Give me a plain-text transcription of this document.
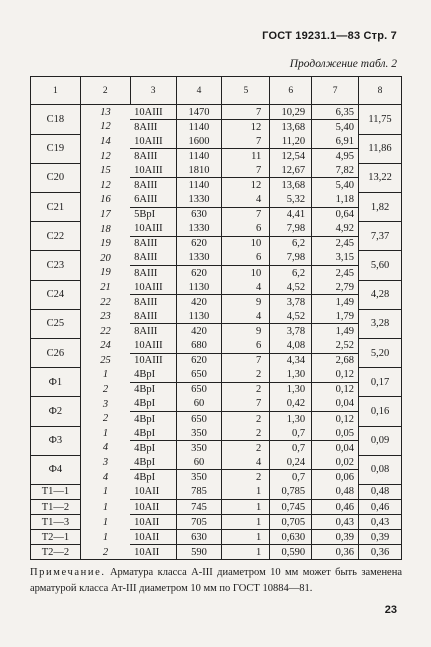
ГОСТ 19231.1—83 Стр. 7
Продолжение табл. 2
1	2	3	4	5	6	7	8
С18	13	10AIII	1470	7	10,29	6,35	11,75
	12	8AIII	1140	12	13,68	5,40	
С19	14	10AIII	1600	7	11,20	6,91	11,86
	12	8AIII	1140	11	12,54	4,95	
С20	15	10AIII	1810	7	12,67	7,82	13,22
	12	8AIII	1140	12	13,68	5,40	
С21	16	6AIII	1330	4	5,32	1,18	1,82
	17	5BрI	630	7	4,41	0,64	
С22	18	10AIII	1330	6	7,98	4,92	7,37
	19	8AIII	620	10	6,2	2,45	
С23	20	8AIII	1330	6	7,98	3,15	5,60
	19	8AIII	620	10	6,2	2,45	
С24	21	10AIII	1130	4	4,52	2,79	4,28
	22	8AIII	420	9	3,78	1,49	
С25	23	8AIII	1130	4	4,52	1,79	3,28
	22	8AIII	420	9	3,78	1,49	
С26	24	10AIII	680	6	4,08	2,52	5,20
	25	10AIII	620	7	4,34	2,68	
Ф1	1	4BрI	650	2	1,30	0,12	0,17
	2	4BрI	650	2	1,30	0,12	
Ф2	3	4BрI	60	7	0,42	0,04	0,16
	2	4BрI	650	2	1,30	0,12	
Ф3	1	4BрI	350	2	0,7	0,05	0,09
	4	4BрI	350	2	0,7	0,04	
Ф4	3	4BрI	60	4	0,24	0,02	0,08
	4	4BрI	350	2	0,7	0,06	
Т1—1	1	10AII	785	1	0,785	0,48	0,48
Т1—2	1	10AII	745	1	0,745	0,46	0,46
Т1—3	1	10AII	705	1	0,705	0,43	0,43
Т2—1	1	10AII	630	1	0,630	0,39	0,39
Т2—2	2	10AII	590	1	0,590	0,36	0,36
Примечание. Арматура класса А-III диаметром 10 мм может быть заменена арматурой класса Ат-III диаметром 10 мм по ГОСТ 10884—81.
23
